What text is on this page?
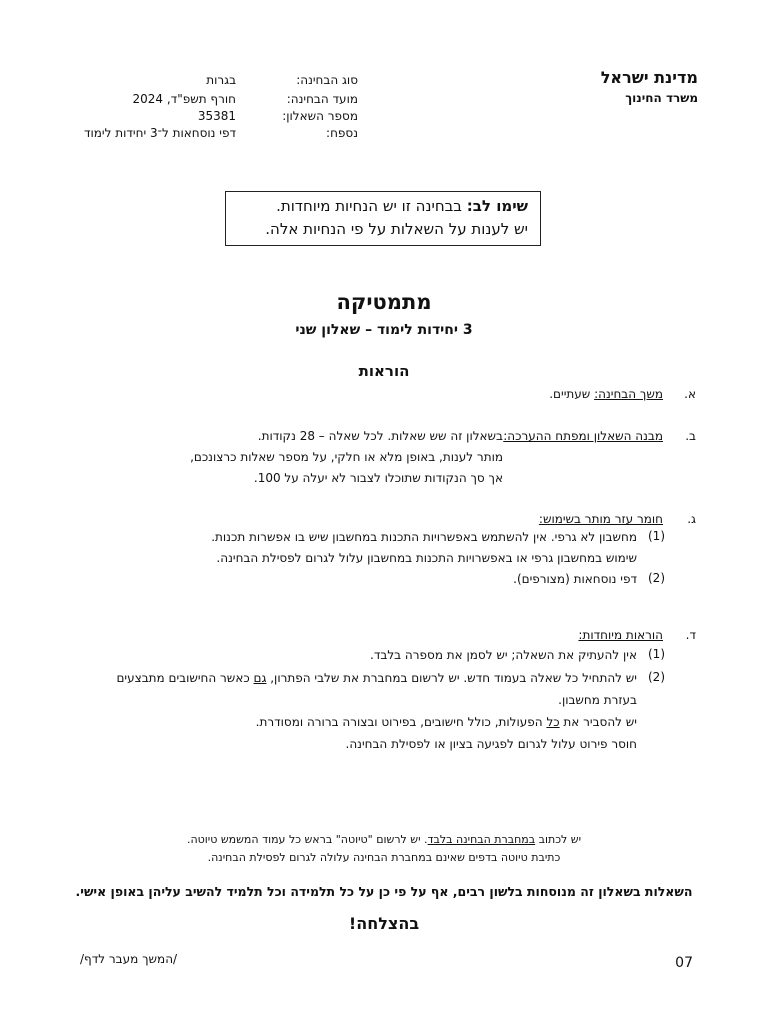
מדינת ישראל
משרד החינוך
סוג הבחינה:
בגרות
מועד הבחינה:
חורף תשפ"ד, 2024
מספר השאלון:
35381
נספח:
דפי נוסחאות ל־3 יחידות לימוד
שימו לב: בבחינה זו יש הנחיות מיוחדות.
יש לענות על השאלות על פי הנחיות אלה.
מתמטיקה
3 יחידות לימוד – שאלון שני
הוראות
א.
משך הבחינה: שעתיים.
ב.
מבנה השאלון ומפתח ההערכה:
בשאלון זה שש שאלות. לכל שאלה – 28 נקודות.
מותר לענות, באופן מלא או חלקי, על מספר שאלות כרצונכם,
אך סך הנקודות שתוכלו לצבור לא יעלה על 100.
ג.
חומר עזר מותר בשימוש:
(1)
מחשבון לא גרפי. אין להשתמש באפשרויות התכנות במחשבון שיש בו אפשרות תכנות.
שימוש במחשבון גרפי או באפשרויות התכנות במחשבון עלול לגרום לפסילת הבחינה.
(2)
דפי נוסחאות (מצורפים).
ד.
הוראות מיוחדות:
(1)
אין להעתיק את השאלה; יש לסמן את מספרה בלבד.
(2)
יש להתחיל כל שאלה בעמוד חדש. יש לרשום במחברת את שלבי הפתרון, גם כאשר החישובים מתבצעים
בעזרת מחשבון.
יש להסביר את כל הפעולות, כולל חישובים, בפירוט ובצורה ברורה ומסודרת.
חוסר פירוט עלול לגרום לפגיעה בציון או לפסילת הבחינה.
יש לכתוב במחברת הבחינה בלבד. יש לרשום "טיוטה" בראש כל עמוד המשמש טיוטה.
כתיבת טיוטה בדפים שאינם במחברת הבחינה עלולה לגרום לפסילת הבחינה.
השאלות בשאלון זה מנוסחות בלשון רבים, אף על פי כן על כל תלמידה וכל תלמיד להשיב עליהן באופן אישי.
בהצלחה!
07
/המשך מעבר לדף/
